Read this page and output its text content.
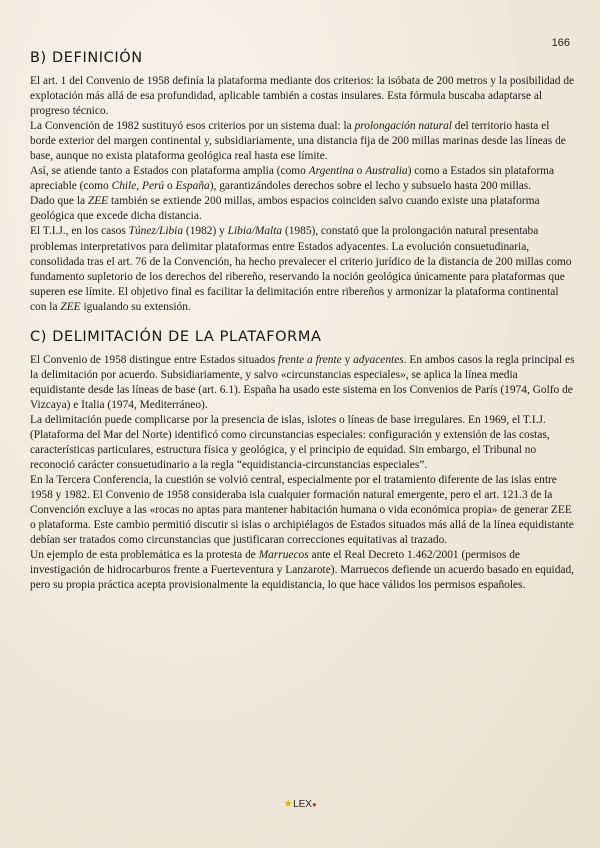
166
B) DEFINICIÓN

El art. 1 del Convenio de 1958 definía la plataforma mediante dos criterios: la isóbata de 200 metros y la posibilidad de explotación más allá de esa profundidad, aplicable también a costas insulares. Esta fórmula buscaba adaptarse al progreso técnico.

La Convención de 1982 sustituyó esos criterios por un sistema dual: la prolongación natural del territorio hasta el borde exterior del margen continental y, subsidiariamente, una distancia fija de 200 millas marinas desde las líneas de base, aunque no exista plataforma geológica real hasta ese límite.

Así, se atiende tanto a Estados con plataforma amplia (como Argentina o Australia) como a Estados sin plataforma apreciable (como Chile, Perú o España), garantizándoles derechos sobre el lecho y subsuelo hasta 200 millas.

Dado que la ZEE también se extiende 200 millas, ambos espacios coinciden salvo cuando existe una plataforma geológica que excede dicha distancia.

El T.I.J., en los casos Túnez/Libia (1982) y Libia/Malta (1985), constató que la prolongación natural presentaba problemas interpretativos para delimitar plataformas entre Estados adyacentes. La evolución consuetudinaria, consolidada tras el art. 76 de la Convención, ha hecho prevalecer el criterio jurídico de la distancia de 200 millas como fundamento supletorio de los derechos del ribereño, reservando la noción geológica únicamente para plataformas que superen ese límite. El objetivo final es facilitar la delimitación entre ribereños y armonizar la plataforma continental con la ZEE igualando su extensión.

C) DELIMITACIÓN DE LA PLATAFORMA

El Convenio de 1958 distingue entre Estados situados frente a frente y adyacentes. En ambos casos la regla principal es la delimitación por acuerdo. Subsidiariamente, y salvo «circunstancias especiales», se aplica la línea media equidistante desde las líneas de base (art. 6.1). España ha usado este sistema en los Convenios de París (1974, Golfo de Vizcaya) e Italia (1974, Mediterráneo).

La delimitación puede complicarse por la presencia de islas, islotes o líneas de base irregulares. En 1969, el T.I.J. (Plataforma del Mar del Norte) identificó como circunstancias especiales: configuración y extensión de las costas, características particulares, estructura física y geológica, y el principio de equidad. Sin embargo, el Tribunal no reconoció carácter consuetudinario a la regla “equidistancia-circunstancias especiales”.

En la Tercera Conferencia, la cuestión se volvió central, especialmente por el tratamiento diferente de las islas entre 1958 y 1982. El Convenio de 1958 consideraba isla cualquier formación natural emergente, pero el art. 121.3 de la Convención excluye a las «rocas no aptas para mantener habitación humana o vida económica propia» de generar ZEE o plataforma. Este cambio permitió discutir si islas o archipiélagos de Estados situados más allá de la línea equidistante debían ser tratados como circunstancias que justificaran correcciones equitativas al trazado.

Un ejemplo de esta problemática es la protesta de Marruecos ante el Real Decreto 1.462/2001 (permisos de investigación de hidrocarburos frente a Fuerteventura y Lanzarote). Marruecos defiende un acuerdo basado en equidad, pero su propia práctica acepta provisionalmente la equidistancia, lo que hace válidos los permisos españoles.

★LEX●
